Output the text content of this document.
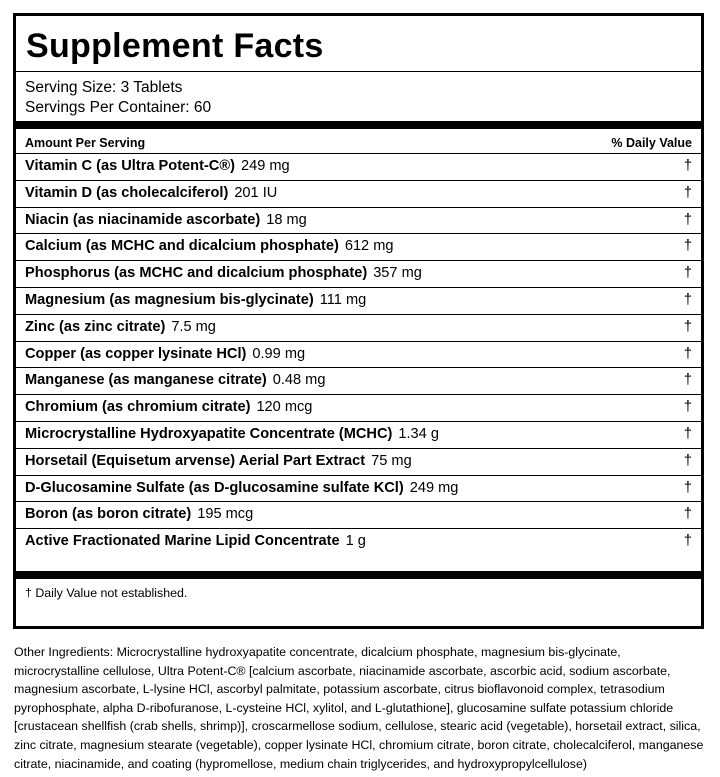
Supplement Facts
Serving Size: 3 Tablets
Servings Per Container: 60
Amount Per Serving	% Daily Value
Vitamin C (as Ultra Potent-C®) 249 mg	†
Vitamin D (as cholecalciferol) 201 IU	†
Niacin (as niacinamide ascorbate) 18 mg	†
Calcium (as MCHC and dicalcium phosphate) 612 mg	†
Phosphorus (as MCHC and dicalcium phosphate) 357 mg	†
Magnesium (as magnesium bis-glycinate) 111 mg	†
Zinc (as zinc citrate) 7.5 mg	†
Copper (as copper lysinate HCl) 0.99 mg	†
Manganese (as manganese citrate) 0.48 mg	†
Chromium (as chromium citrate) 120 mcg	†
Microcrystalline Hydroxyapatite Concentrate (MCHC) 1.34 g	†
Horsetail (Equisetum arvense) Aerial Part Extract 75 mg	†
D-Glucosamine Sulfate (as D-glucosamine sulfate KCl) 249 mg	†
Boron (as boron citrate) 195 mcg	†
Active Fractionated Marine Lipid Concentrate 1 g	†
† Daily Value not established.
Other Ingredients: Microcrystalline hydroxyapatite concentrate, dicalcium phosphate, magnesium bis-glycinate, microcrystalline cellulose, Ultra Potent-C® [calcium ascorbate, niacinamide ascorbate, ascorbic acid, sodium ascorbate, magnesium ascorbate, L-lysine HCl, ascorbyl palmitate, potassium ascorbate, citrus bioflavonoid complex, tetrasodium pyrophosphate, alpha D-ribofuranose, L-cysteine HCl, xylitol, and L-glutathione], glucosamine sulfate potassium chloride [crustacean shellfish (crab shells, shrimp)], croscarmellose sodium, cellulose, stearic acid (vegetable), horsetail extract, silica, zinc citrate, magnesium stearate (vegetable), copper lysinate HCl, chromium citrate, boron citrate, cholecalciferol, manganese citrate, niacinamide, and coating (hypromellose, medium chain triglycerides, and hydroxypropylcellulose)
